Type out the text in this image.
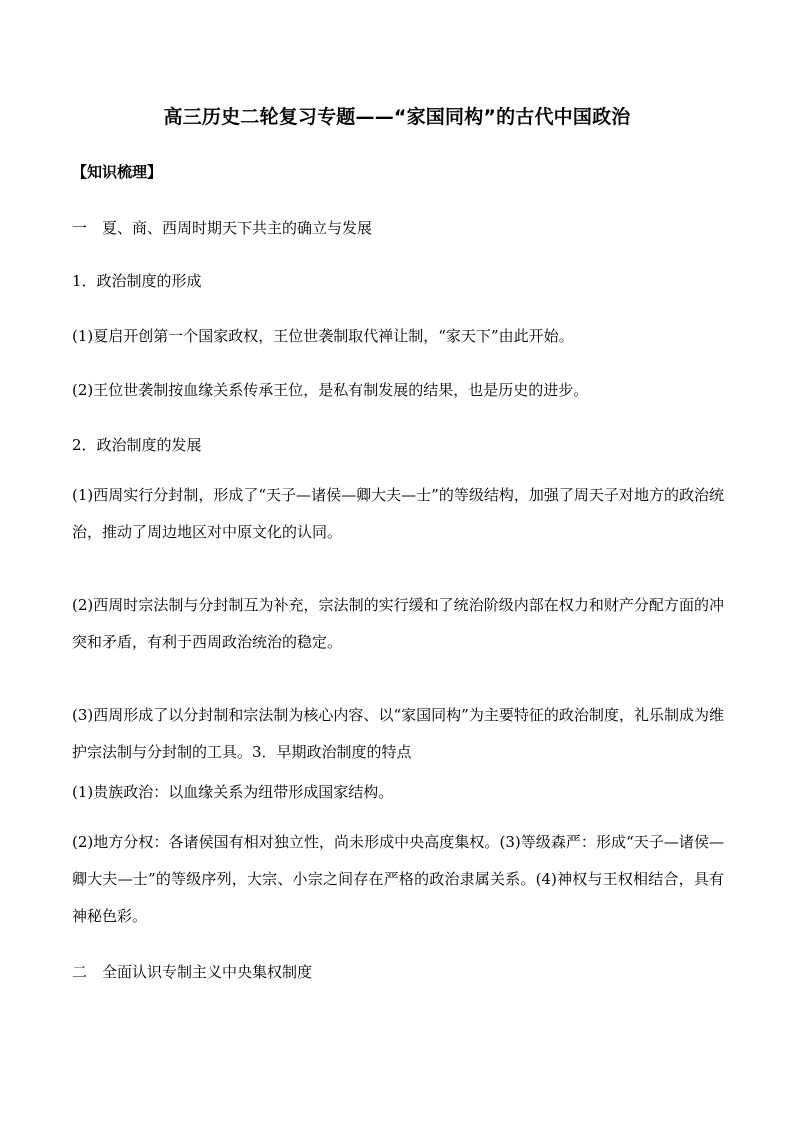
高三历史二轮复习专题——“家国同构”的古代中国政治
【知识梳理】
一　夏、商、西周时期天下共主的确立与发展
1．政治制度的形成
(1)夏启开创第一个国家政权，王位世袭制取代禅让制，“家天下”由此开始。
(2)王位世袭制按血缘关系传承王位，是私有制发展的结果，也是历史的进步。
2．政治制度的发展
(1)西周实行分封制，形成了“天子—诸侯—卿大夫—士”的等级结构，加强了周天子对地方的政治统治，推动了周边地区对中原文化的认同。
(2)西周时宗法制与分封制互为补充，宗法制的实行缓和了统治阶级内部在权力和财产分配方面的冲突和矛盾，有利于西周政治统治的稳定。
(3)西周形成了以分封制和宗法制为核心内容、以“家国同构”为主要特征的政治制度，礼乐制成为维护宗法制与分封制的工具。3．早期政治制度的特点
(1)贵族政治：以血缘关系为纽带形成国家结构。
(2)地方分权：各诸侯国有相对独立性，尚未形成中央高度集权。(3)等级森严：形成“天子—诸侯—卿大夫—士”的等级序列，大宗、小宗之间存在严格的政治隶属关系。(4)神权与王权相结合，具有神秘色彩。
二　全面认识专制主义中央集权制度
